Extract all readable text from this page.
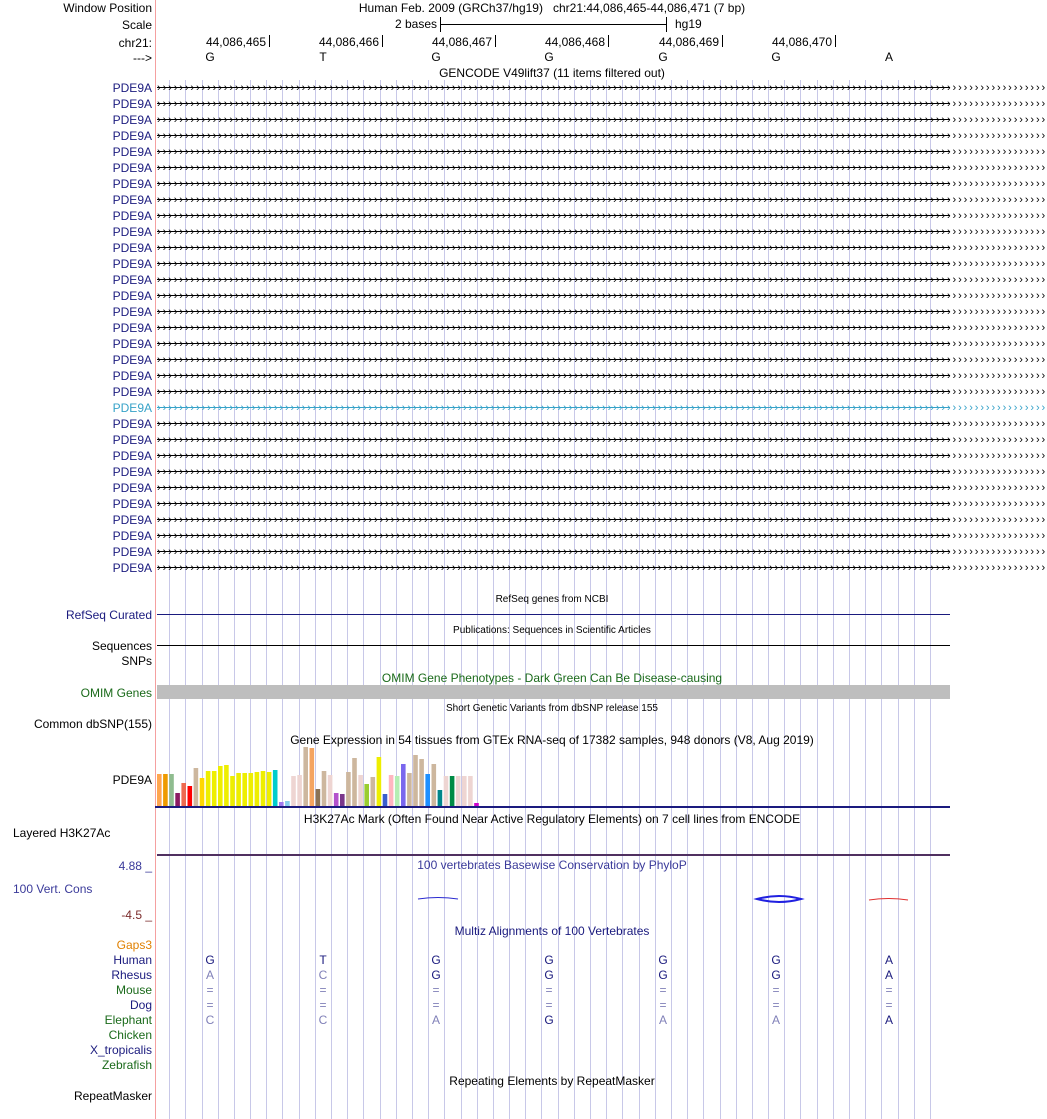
Window Position	Human Feb. 2009 (GRCh37/hg19) chr21:44,086,465-44,086,471 (7 bp)
Scale	2 bases	hg19
chr21:	44,086,465	44,086,466	44,086,467	44,086,468	44,086,469	44,086,470
--->	G	T	G	G	G	G	A
GENCODE V49lift37 (11 items filtered out)
PDE9A ››››››››››››››››››››››››››››››››››››››››››››››››››››››››››››››››››››››››››››››››››››››››››››››››››››››››››››››››››››››››››››››››››››››››››››››››››››››››››››››››
PDE9A ››››››››››››››››››››››››››››››››››››››››››››››››››››››››››››››››››››››››››››››››››››››››››››››››››››››››››››››››››››››››››››››››››››››››››››››››››››››››››››››››
PDE9A ››››››››››››››››››››››››››››››››››››››››››››››››››››››››››››››››››››››››››››››››››››››››››››››››››››››››››››››››››››››››››››››››››››››››››››››››››››››››››››››››
PDE9A ››››››››››››››››››››››››››››››››››››››››››››››››››››››››››››››››››››››››››››››››››››››››››››››››››››››››››››››››››››››››››››››››››››››››››››››››››››››››››››››››
PDE9A ››››››››››››››››››››››››››››››››››››››››››››››››››››››››››››››››››››››››››››››››››››››››››››››››››››››››››››››››››››››››››››››››››››››››››››››››››››››››››››››››
PDE9A ››››››››››››››››››››››››››››››››››››››››››››››››››››››››››››››››››››››››››››››››››››››››››››››››››››››››››››››››››››››››››››››››››››››››››››››››››››››››››››››››
PDE9A ››››››››››››››››››››››››››››››››››››››››››››››››››››››››››››››››››››››››››››››››››››››››››››››››››››››››››››››››››››››››››››››››››››››››››››››››››››››››››››››››
PDE9A ››››››››››››››››››››››››››››››››››››››››››››››››››››››››››››››››››››››››››››››››››››››››››››››››››››››››››››››››››››››››››››››››››››››››››››››››››››››››››››››››
PDE9A ››››››››››››››››››››››››››››››››››››››››››››››››››››››››››››››››››››››››››››››››››››››››››››››››››››››››››››››››››››››››››››››››››››››››››››››››››››››››››››››››
PDE9A ››››››››››››››››››››››››››››››››››››››››››››››››››››››››››››››››››››››››››››››››››››››››››››››››››››››››››››››››››››››››››››››››››››››››››››››››››››››››››››››››
PDE9A ››››››››››››››››››››››››››››››››››››››››››››››››››››››››››››››››››››››››››››››››››››››››››››››››››››››››››››››››››››››››››››››››››››››››››››››››››››››››››››››››
PDE9A ››››››››››››››››››››››››››››››››››››››››››››››››››››››››››››››››››››››››››››››››››››››››››››››››››››››››››››››››››››››››››››››››››››››››››››››››››››››››››››››››
PDE9A ››››››››››››››››››››››››››››››››››››››››››››››››››››››››››››››››››››››››››››››››››››››››››››››››››››››››››››››››››››››››››››››››››››››››››››››››››››››››››››››››
PDE9A ››››››››››››››››››››››››››››››››››››››››››››››››››››››››››››››››››››››››››››››››››››››››››››››››››››››››››››››››››››››››››››››››››››››››››››››››››››››››››››››››
PDE9A ››››››››››››››››››››››››››››››››››››››››››››››››››››››››››››››››››››››››››››››››››››››››››››››››››››››››››››››››››››››››››››››››››››››››››››››››››››››››››››››››
PDE9A ››››››››››››››››››››››››››››››››››››››››››››››››››››››››››››››››››››››››››››››››››››››››››››››››››››››››››››››››››››››››››››››››››››››››››››››››››››››››››››››››
PDE9A ››››››››››››››››››››››››››››››››››››››››››››››››››››››››››››››››››››››››››››››››››››››››››››››››››››››››››››››››››››››››››››››››››››››››››››››››››››››››››››››››
PDE9A ››››››››››››››››››››››››››››››››››››››››››››››››››››››››››››››››››››››››››››››››››››››››››››››››››››››››››››››››››››››››››››››››››››››››››››››››››››››››››››››››
PDE9A ››››››››››››››››››››››››››››››››››››››››››››››››››››››››››››››››››››››››››››››››››››››››››››››››››››››››››››››››››››››››››››››››››››››››››››››››››››››››››››››››
PDE9A ››››››››››››››››››››››››››››››››››››››››››››››››››››››››››››››››››››››››››››››››››››››››››››››››››››››››››››››››››››››››››››››››››››››››››››››››››››››››››››››››
PDE9A ››››››››››››››››››››››››››››››››››››››››››››››››››››››››››››››››››››››››››››››››››››››››››››››››››››››››››››››››››››››››››››››››››››››››››››››››››››››››››››››››
PDE9A ››››››››››››››››››››››››››››››››››››››››››››››››››››››››››››››››››››››››››››››››››››››››››››››››››››››››››››››››››››››››››››››››››››››››››››››››››››››››››››››››
PDE9A ››››››››››››››››››››››››››››››››››››››››››››››››››››››››››››››››››››››››››››››››››››››››››››››››››››››››››››››››››››››››››››››››››››››››››››››››››››››››››››››››
PDE9A ››››››››››››››››››››››››››››››››››››››››››››››››››››››››››››››››››››››››››››››››››››››››››››››››››››››››››››››››››››››››››››››››››››››››››››››››››››››››››››››››
PDE9A ››››››››››››››››››››››››››››››››››››››››››››››››››››››››››››››››››››››››››››››››››››››››››››››››››››››››››››››››››››››››››››››››››››››››››››››››››››››››››››››››
PDE9A ››››››››››››››››››››››››››››››››››››››››››››››››››››››››››››››››››››››››››››››››››››››››››››››››››››››››››››››››››››››››››››››››››››››››››››››››››››››››››››››››
PDE9A ››››››››››››››››››››››››››››››››››››››››››››››››››››››››››››››››››››››››››››››››››››››››››››››››››››››››››››››››››››››››››››››››››››››››››››››››››››››››››››››››
PDE9A ››››››››››››››››››››››››››››››››››››››››››››››››››››››››››››››››››››››››››››››››››››››››››››››››››››››››››››››››››››››››››››››››››››››››››››››››››››››››››››››››
PDE9A ››››››››››››››››››››››››››››››››››››››››››››››››››››››››››››››››››››››››››››››››››››››››››››››››››››››››››››››››››››››››››››››››››››››››››››››››››››››››››››››››
PDE9A ››››››››››››››››››››››››››››››››››››››››››››››››››››››››››››››››››››››››››››››››››››››››››››››››››››››››››››››››››››››››››››››››››››››››››››››››››››››››››››››››
PDE9A ››››››››››››››››››››››››››››››››››››››››››››››››››››››››››››››››››››››››››››››››››››››››››››››››››››››››››››››››››››››››››››››››››››››››››››››››››››››››››››››››
RefSeq genes from NCBI
RefSeq Curated
Publications: Sequences in Scientific Articles
Sequences
SNPs
OMIM Gene Phenotypes - Dark Green Can Be Disease-causing
OMIM Genes
Short Genetic Variants from dbSNP release 155
Common dbSNP(155)
Gene Expression in 54 tissues from GTEx RNA-seq of 17382 samples, 948 donors (V8, Aug 2019)
PDE9A
H3K27Ac Mark (Often Found Near Active Regulatory Elements) on 7 cell lines from ENCODE
Layered H3K27Ac
100 vertebrates Basewise Conservation by PhyloP
4.88 _
100 Vert. Cons
-4.5 _
Multiz Alignments of 100 Vertebrates
Gaps3
Human	G	T	G	G	G	G	A
Rhesus	A	C	G	G	G	G	A
Mouse	=	=	=	=	=	=	=
Dog	=	=	=	=	=	=	=
Elephant	C	C	A	G	A	A	A
Chicken
X_tropicalis
Zebrafish
Repeating Elements by RepeatMasker
RepeatMasker
